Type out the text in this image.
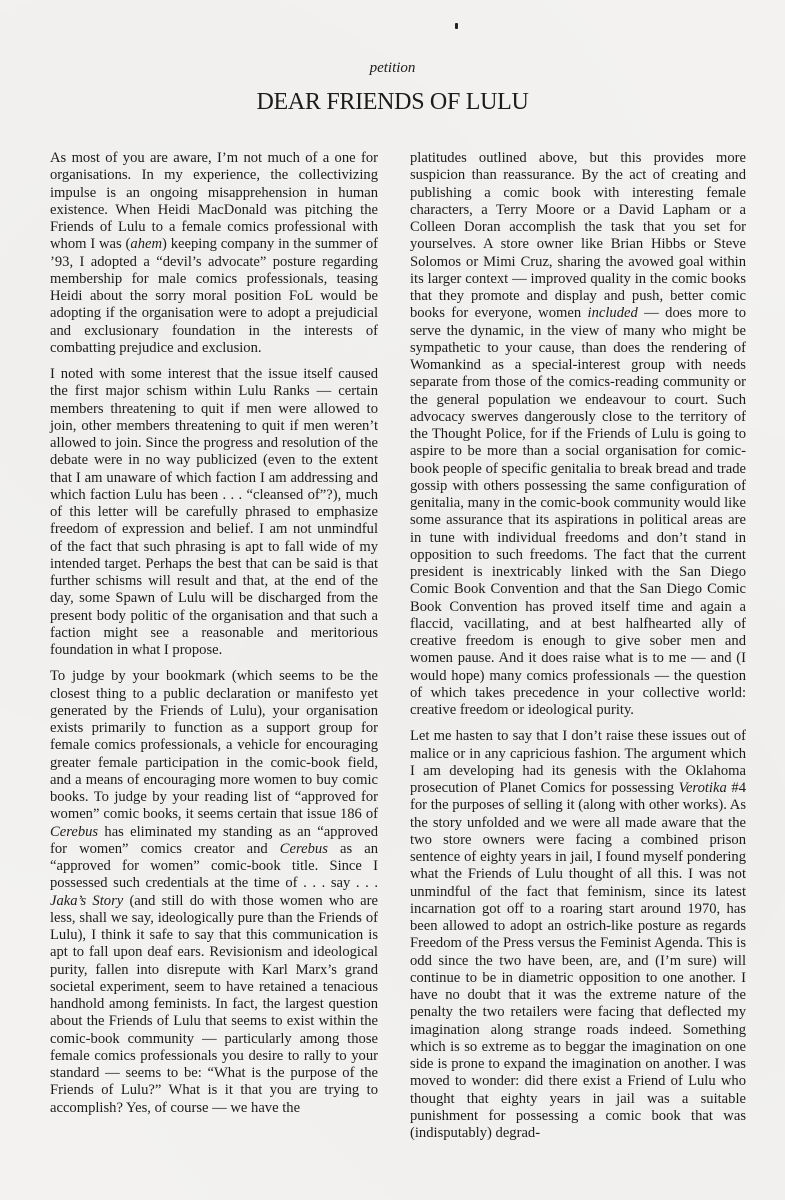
petition
DEAR FRIENDS OF LULU

As most of you are aware, I’m not much of a one for organisations. In my experience, the collectivizing impulse is an ongoing misapprehension in human existence. When Heidi MacDonald was pitching the Friends of Lulu to a female comics professional with whom I was (ahem) keeping company in the summer of ’93, I adopted a “devil’s advocate” posture regarding membership for male comics professionals, teasing Heidi about the sorry moral position FoL would be adopting if the organisation were to adopt a prejudicial and exclusionary foundation in the interests of combatting prejudice and exclusion.

I noted with some interest that the issue itself caused the first major schism within Lulu Ranks — certain members threatening to quit if men were allowed to join, other members threatening to quit if men weren’t allowed to join. Since the progress and resolution of the debate were in no way publicized (even to the extent that I am unaware of which faction I am addressing and which faction Lulu has been . . . “cleansed of”?), much of this letter will be carefully phrased to emphasize freedom of expression and belief. I am not unmindful of the fact that such phrasing is apt to fall wide of my intended target. Perhaps the best that can be said is that further schisms will result and that, at the end of the day, some Spawn of Lulu will be discharged from the present body politic of the organisation and that such a faction might see a reasonable and meritorious foundation in what I propose.

To judge by your bookmark (which seems to be the closest thing to a public declaration or manifesto yet generated by the Friends of Lulu), your organisation exists primarily to function as a support group for female comics professionals, a vehicle for encouraging greater female participation in the comic-book field, and a means of encouraging more women to buy comic books. To judge by your reading list of “approved for women” comic books, it seems certain that issue 186 of Cerebus has eliminated my standing as an “approved for women” comics creator and Cerebus as an “approved for women” comic-book title. Since I possessed such credentials at the time of . . . say . . . Jaka’s Story (and still do with those women who are less, shall we say, ideologically pure than the Friends of Lulu), I think it safe to say that this communication is apt to fall upon deaf ears. Revisionism and ideological purity, fallen into disrepute with Karl Marx’s grand societal experiment, seem to have retained a tenacious handhold among feminists. In fact, the largest question about the Friends of Lulu that seems to exist within the comic-book community — particularly among those female comics professionals you desire to rally to your standard — seems to be: “What is the purpose of the Friends of Lulu?” What is it that you are trying to accomplish? Yes, of course — we have the

platitudes outlined above, but this provides more suspicion than reassurance. By the act of creating and publishing a comic book with interesting female characters, a Terry Moore or a David Lapham or a Colleen Doran accomplish the task that you set for yourselves. A store owner like Brian Hibbs or Steve Solomos or Mimi Cruz, sharing the avowed goal within its larger context — improved quality in the comic books that they promote and display and push, better comic books for everyone, women included — does more to serve the dynamic, in the view of many who might be sympathetic to your cause, than does the rendering of Womankind as a special-interest group with needs separate from those of the comics-reading community or the general population we endeavour to court. Such advocacy swerves dangerously close to the territory of the Thought Police, for if the Friends of Lulu is going to aspire to be more than a social organisation for comic-book people of specific genitalia to break bread and trade gossip with others possessing the same configuration of genitalia, many in the comic-book community would like some assurance that its aspirations in political areas are in tune with individual freedoms and don’t stand in opposition to such freedoms. The fact that the current president is inextricably linked with the San Diego Comic Book Convention and that the San Diego Comic Book Convention has proved itself time and again a flaccid, vacillating, and at best halfhearted ally of creative freedom is enough to give sober men and women pause. And it does raise what is to me — and (I would hope) many comics professionals — the question of which takes precedence in your collective world: creative freedom or ideological purity.

Let me hasten to say that I don’t raise these issues out of malice or in any capricious fashion. The argument which I am developing had its genesis with the Oklahoma prosecution of Planet Comics for possessing Verotika #4 for the purposes of selling it (along with other works). As the story unfolded and we were all made aware that the two store owners were facing a combined prison sentence of eighty years in jail, I found myself pondering what the Friends of Lulu thought of all this. I was not unmindful of the fact that feminism, since its latest incarnation got off to a roaring start around 1970, has been allowed to adopt an ostrich-like posture as regards Freedom of the Press versus the Feminist Agenda. This is odd since the two have been, are, and (I’m sure) will continue to be in diametric opposition to one another. I have no doubt that it was the extreme nature of the penalty the two retailers were facing that deflected my imagination along strange roads indeed. Something which is so extreme as to beggar the imagination on one side is prone to expand the imagination on another. I was moved to wonder: did there exist a Friend of Lulu who thought that eighty years in jail was a suitable punishment for possessing a comic book that was (indisputably) degrad-
